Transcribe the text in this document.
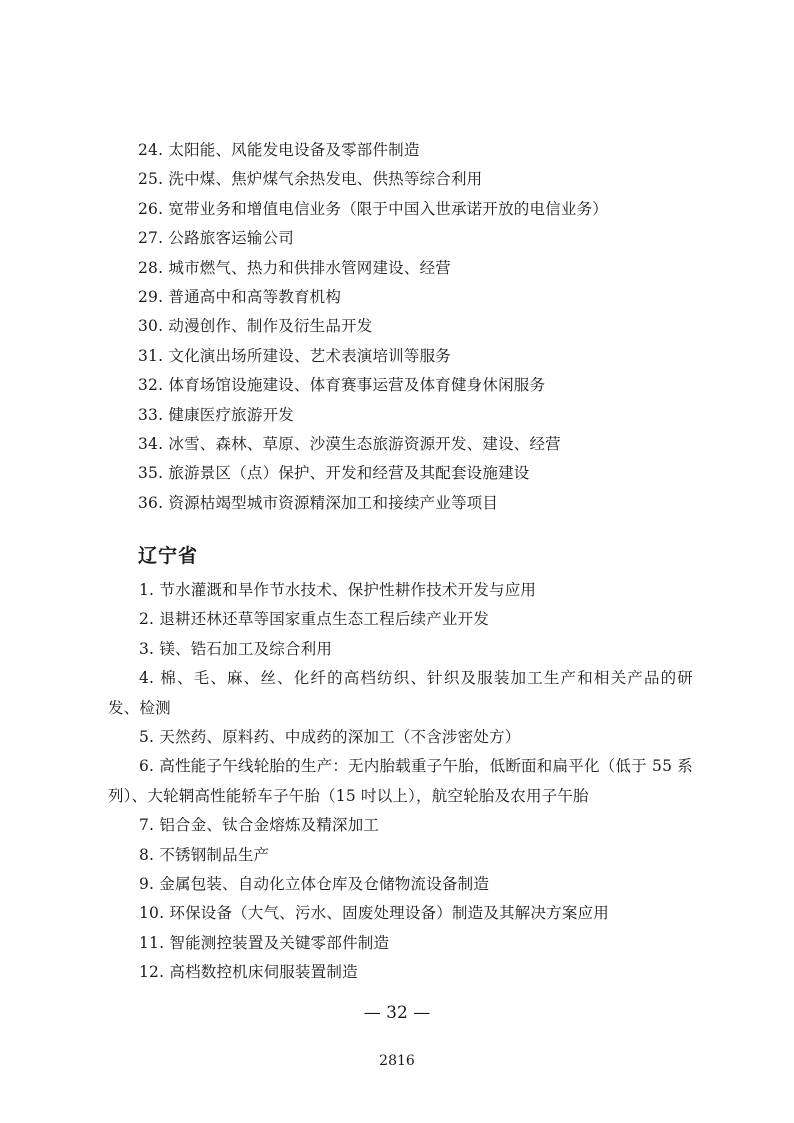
24. 太阳能、风能发电设备及零部件制造
25. 洗中煤、焦炉煤气余热发电、供热等综合利用
26. 宽带业务和增值电信业务（限于中国入世承诺开放的电信业务）
27. 公路旅客运输公司
28. 城市燃气、热力和供排水管网建设、经营
29. 普通高中和高等教育机构
30. 动漫创作、制作及衍生品开发
31. 文化演出场所建设、艺术表演培训等服务
32. 体育场馆设施建设、体育赛事运营及体育健身休闲服务
33. 健康医疗旅游开发
34. 冰雪、森林、草原、沙漠生态旅游资源开发、建设、经营
35. 旅游景区（点）保护、开发和经营及其配套设施建设
36. 资源枯竭型城市资源精深加工和接续产业等项目
辽宁省
1. 节水灌溉和旱作节水技术、保护性耕作技术开发与应用
2. 退耕还林还草等国家重点生态工程后续产业开发
3. 镁、锆石加工及综合利用
4. 棉、毛、麻、丝、化纤的高档纺织、针织及服装加工生产和相关产品的研发、检测
5. 天然药、原料药、中成药的深加工（不含涉密处方）
6. 高性能子午线轮胎的生产：无内胎载重子午胎，低断面和扁平化（低于 55 系列）、大轮辋高性能轿车子午胎（15 吋以上），航空轮胎及农用子午胎
7. 铝合金、钛合金熔炼及精深加工
8. 不锈钢制品生产
9. 金属包装、自动化立体仓库及仓储物流设备制造
10. 环保设备（大气、污水、固废处理设备）制造及其解决方案应用
11. 智能测控装置及关键零部件制造
12. 高档数控机床伺服装置制造
— 32 —
2816
